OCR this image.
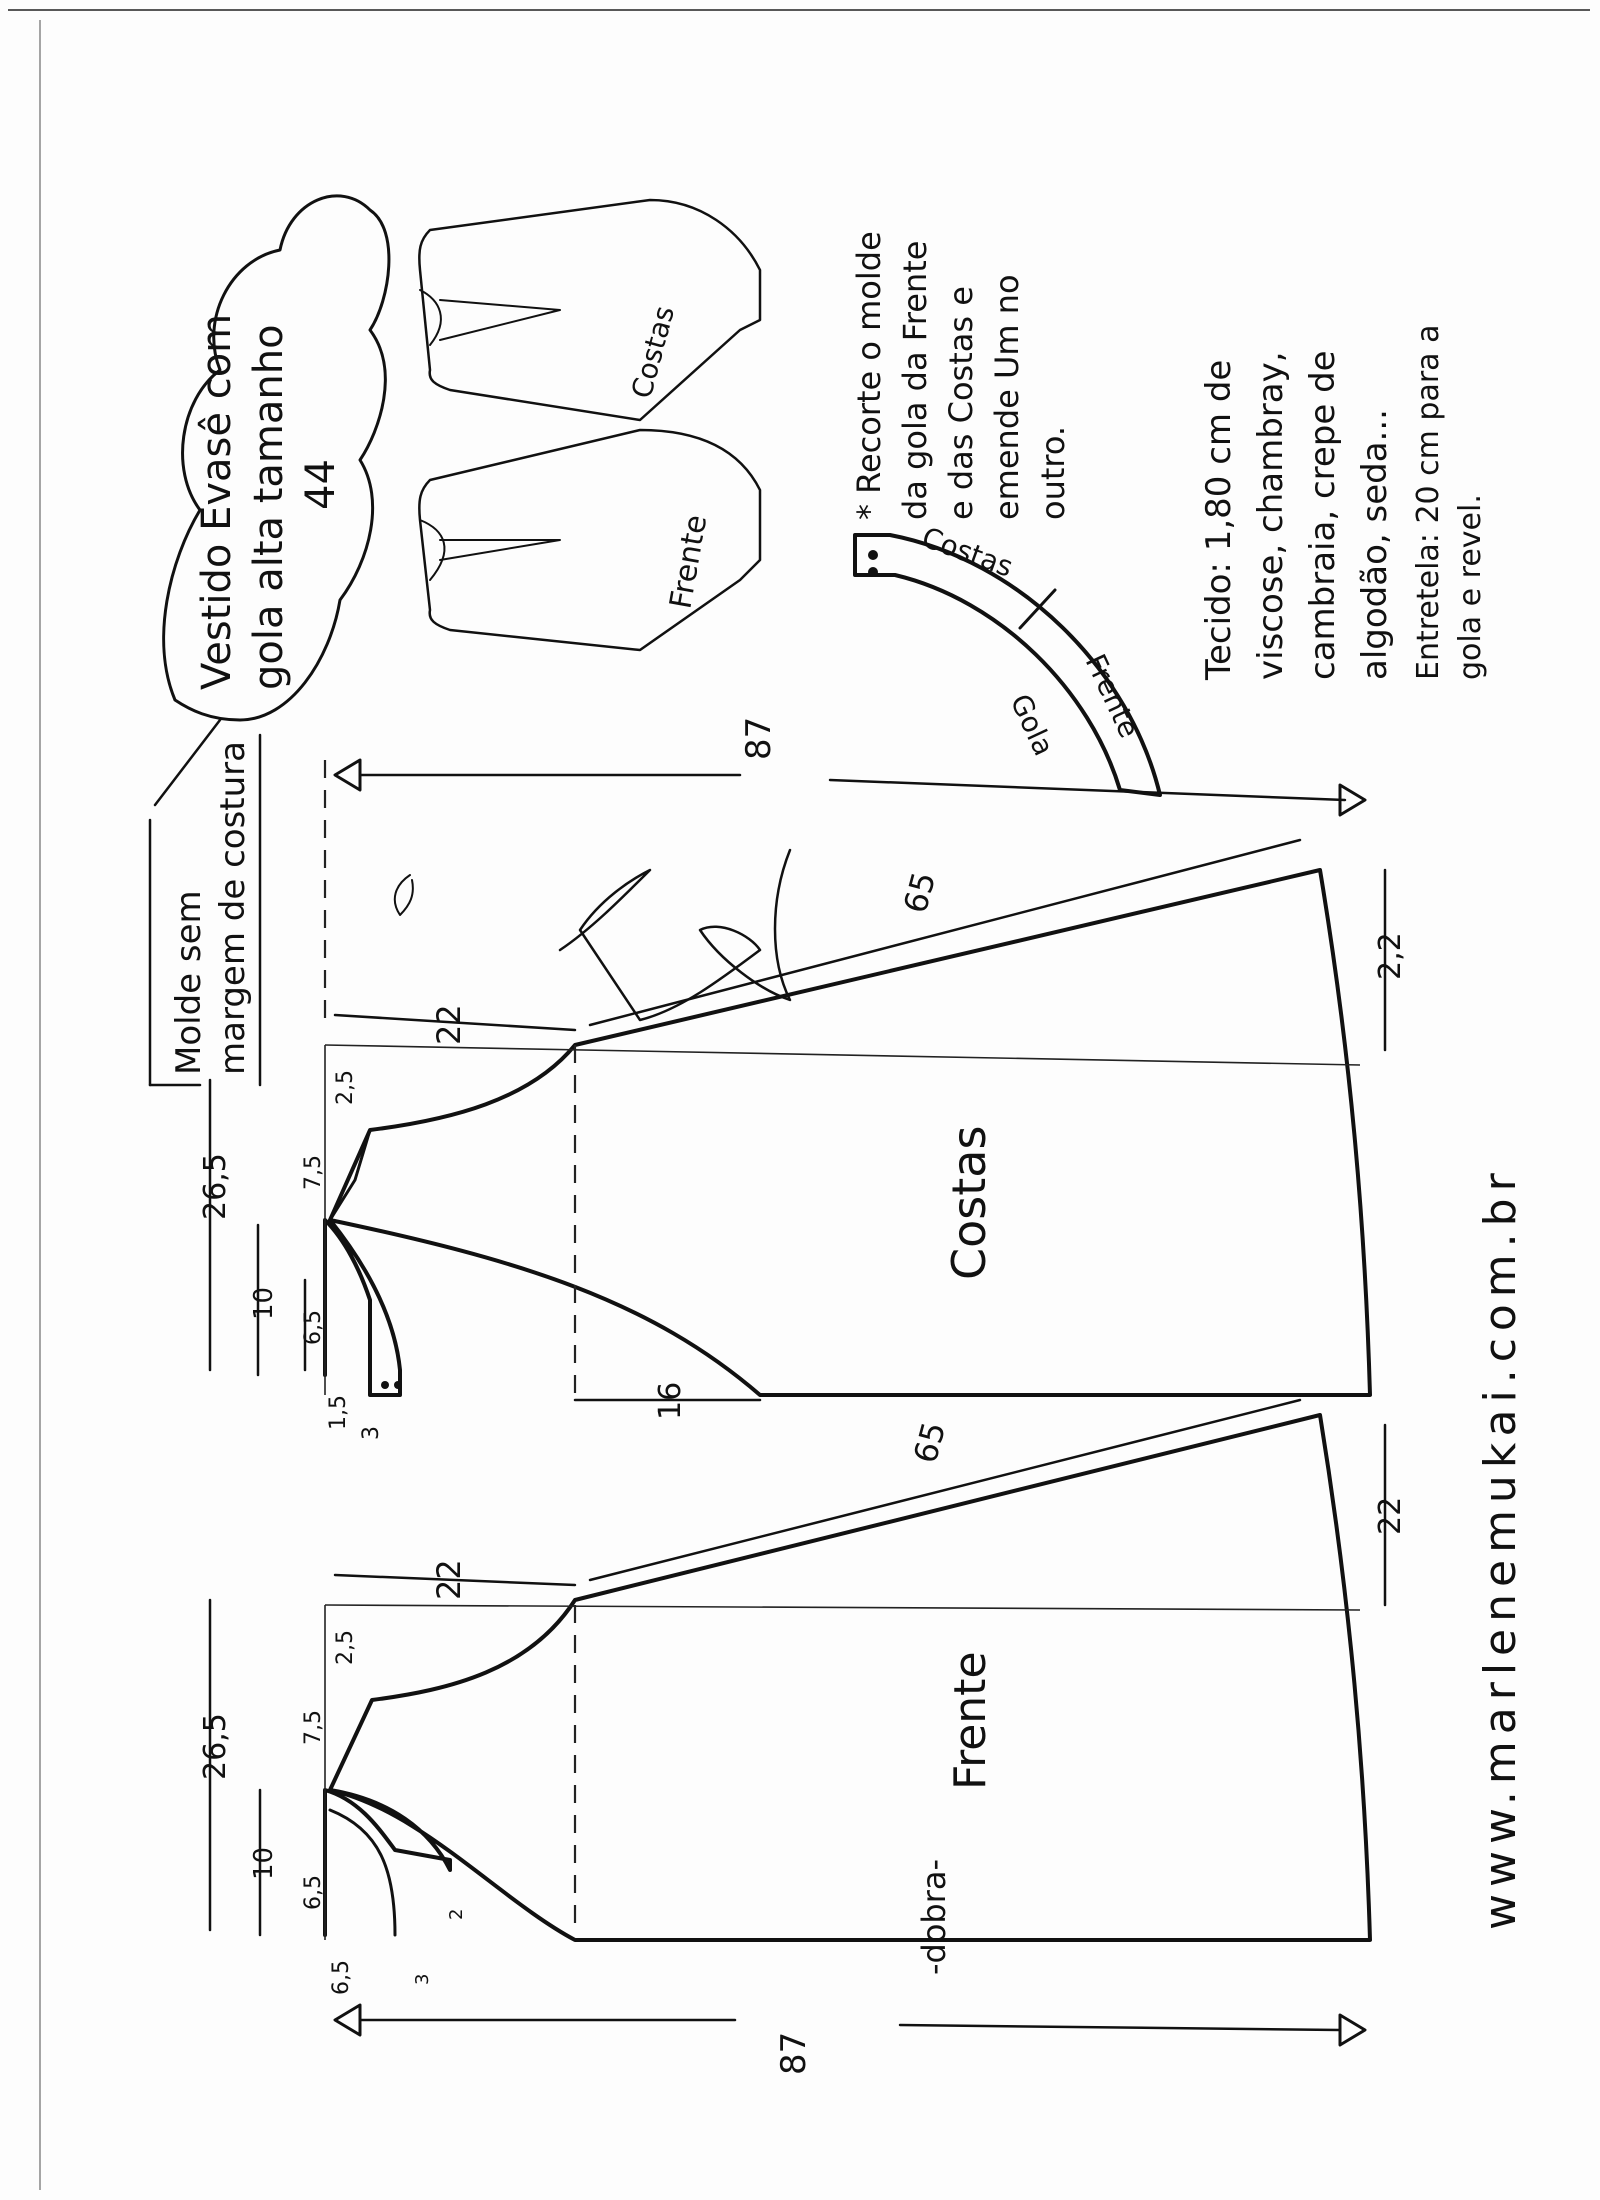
Vestido Evasê com gola alta tamanho 44
Molde sem margem de costura
Costas
Frente	Costas
Frente
Gola
* Recorte o molde da gola da Frente e das Costas e emende Um no outro.	Tecido: 1,80 cm de viscose, chambray, cambraia, crepe de algodão, seda... Entretela: 20 cm para a gola e revel.
87
22
65
2,2
26,5
10
6,5
7,5
2,5
1,5
3
16
Costas
87
22
65
22
26,5
10
6,5
7,5
2,5
6,5	3
2
Frente
-dobra-
Marlene Mukai
www.marlenemukai.com.br
